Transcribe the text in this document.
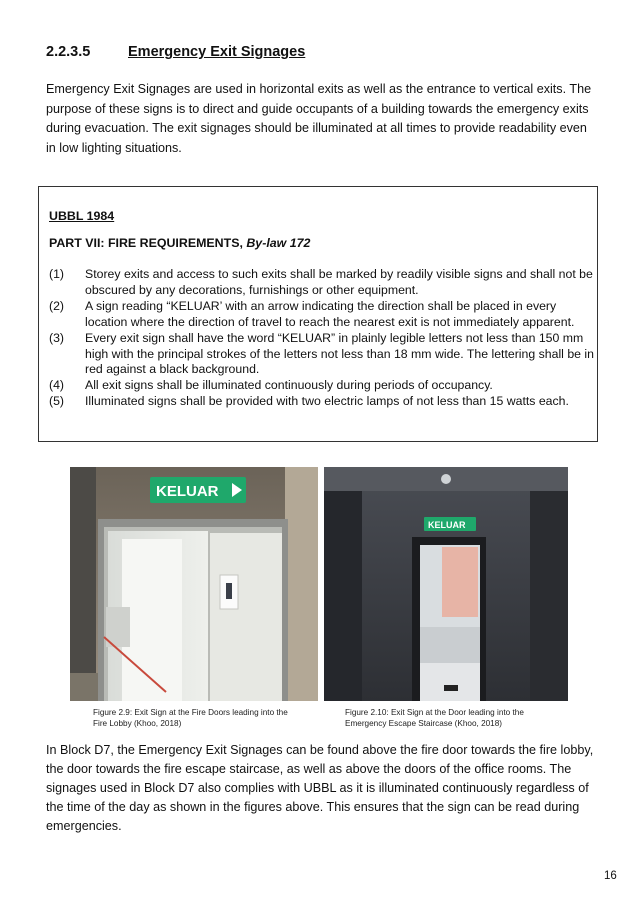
2.2.3.5	Emergency Exit Signages
Emergency Exit Signages are used in horizontal exits as well as the entrance to vertical exits. The purpose of these signs is to direct and guide occupants of a building towards the emergency exits during evacuation. The exit signages should be illuminated at all times to provide readability even in low lighting situations.
UBBL 1984
PART VII: FIRE REQUIREMENTS, By-law 172
(1)	Storey exits and access to such exits shall be marked by readily visible signs and shall not be obscured by any decorations, furnishings or other equipment.
(2)	A sign reading “KELUAR’ with an arrow indicating the direction shall be placed in every location where the direction of travel to reach the nearest exit is not immediately apparent.
(3)	Every exit sign shall have the word “KELUAR” in plainly legible letters not less than 150 mm high with the principal strokes of the letters not less than 18 mm wide. The lettering shall be in red against a black background.
(4)	All exit signs shall be illuminated continuously during periods of occupancy.
(5)	Illuminated signs shall be provided with two electric lamps of not less than 15 watts each.
KELUAR
KELUAR
Figure 2.9: Exit Sign at the Fire Doors leading into the Fire Lobby (Khoo, 2018)
Figure 2.10: Exit Sign at the Door leading into the Emergency Escape Staircase (Khoo, 2018)
In Block D7, the Emergency Exit Signages can be found above the fire door towards the fire lobby, the door towards the fire escape staircase, as well as above the doors of the office rooms. The signages used in Block D7 also complies with UBBL as it is illuminated continuously regardless of the time of the day as shown in the figures above. This ensures that the sign can be read during emergencies.
16
